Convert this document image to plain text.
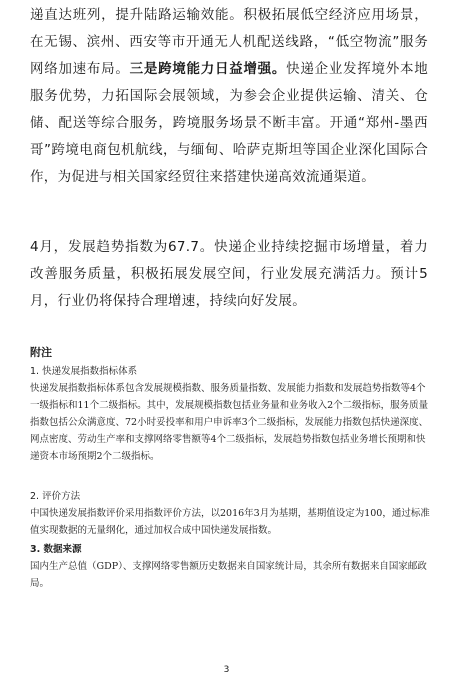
递直达班列，提升陆路运输效能。积极拓展低空经济应用场景，在无锡、滨州、西安等市开通无人机配送线路，“低空物流”服务网络加速布局。三是跨境能力日益增强。快递企业发挥境外本地服务优势，力拓国际会展领域，为参会企业提供运输、清关、仓储、配送等综合服务，跨境服务场景不断丰富。开通“郑州-墨西哥”跨境电商包机航线，与缅甸、哈萨克斯坦等国企业深化国际合作，为促进与相关国家经贸往来搭建快递高效流通渠道。

4月，发展趋势指数为67.7。快递企业持续挖掘市场增量，着力改善服务质量，积极拓展发展空间，行业发展充满活力。预计5月，行业仍将保持合理增速，持续向好发展。

附注

1. 快递发展指数指标体系

快递发展指数指标体系包含发展规模指数、服务质量指数、发展能力指数和发展趋势指数等4个一级指标和11个二级指标。其中，发展规模指数包括业务量和业务收入2个二级指标，服务质量指数包括公众满意度、72小时妥投率和用户申诉率3个二级指标，发展能力指数包括快递深度、网点密度、劳动生产率和支撑网络零售额等4个二级指标，发展趋势指数包括业务增长预期和快递资本市场预期2个二级指标。

2. 评价方法

中国快递发展指数评价采用指数评价方法，以2016年3月为基期，基期值设定为100，通过标准值实现数据的无量纲化，通过加权合成中国快递发展指数。

3. 数据来源

国内生产总值（GDP）、支撑网络零售额历史数据来自国家统计局，其余所有数据来自国家邮政局。

3
